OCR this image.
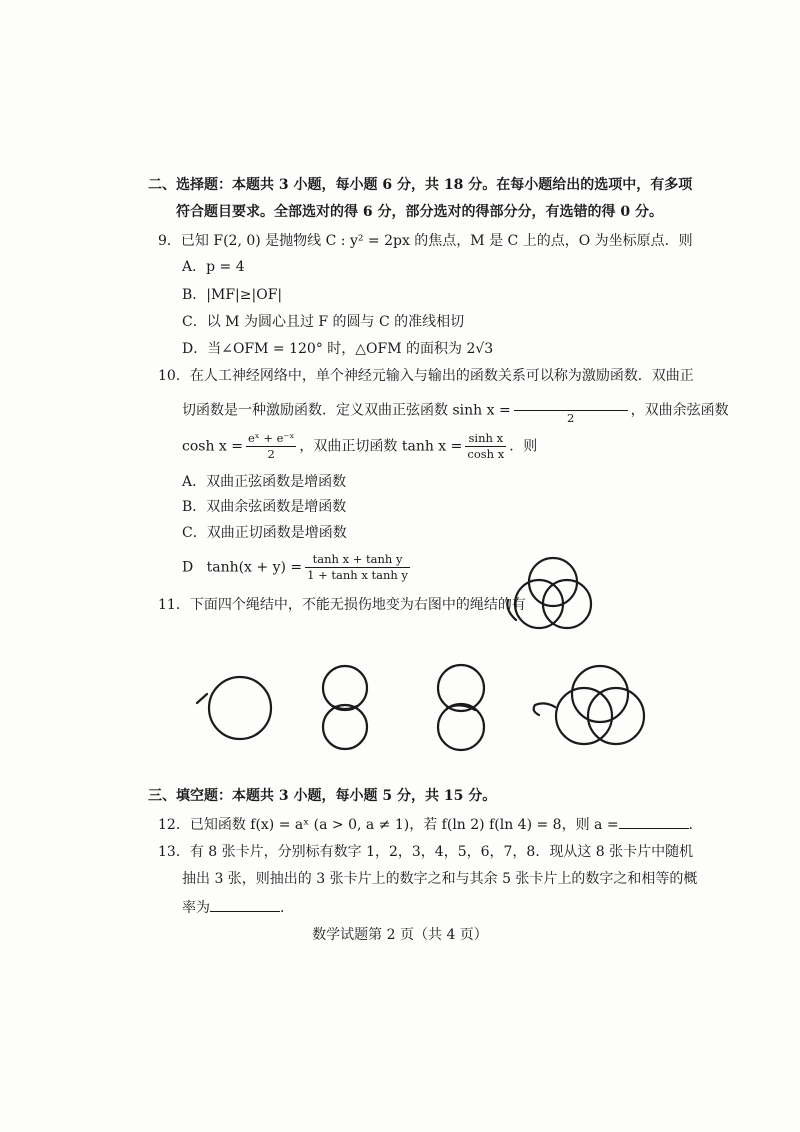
二、选择题：本题共 3 小题，每小题 6 分，共 18 分。在每小题给出的选项中，有多项
符合题目要求。全部选对的得 6 分，部分选对的得部分分，有选错的得 0 分。
9．已知 F(2, 0) 是抛物线 C : y² = 2px 的焦点，M 是 C 上的点，O 为坐标原点．则
A．p = 4
B．|MF|≥|OF|
C．以 M 为圆心且过 F 的圆与 C 的准线相切
D．当∠OFM = 120° 时，△OFM 的面积为 2√3
10．在人工神经网络中，单个神经元输入与输出的函数关系可以称为激励函数．双曲正
切函数是一种激励函数．定义双曲正弦函数 sinh x =	2	，双曲余弦函数
$\cosh x = \frac{\text{eˣ + e⁻ˣ}}{2}$ ，双曲正切函数 $\tanh x = \frac{\text{sinh x}}{\text{cosh x}}$ ．则
A．双曲正弦函数是增函数
B．双曲余弦函数是增函数
C．双曲正切函数是增函数
D $\tanh(x + y) = \frac{\text{tanh x + tanh y}}{\text{1 + tanh x tanh y}}$
11．下面四个绳结中，不能无损伤地变为右图中的绳结的有
三、填空题：本题共 3 小题，每小题 5 分，共 15 分。
12．已知函数 f(x) = aˣ (a > 0, a ≠ 1)，若 f(ln 2) f(ln 4) = 8，则 a =	．
13．有 8 张卡片，分别标有数字 1，2，3，4，5，6，7，8．现从这 8 张卡片中随机
抽出 3 张，则抽出的 3 张卡片上的数字之和与其余 5 张卡片上的数字之和相等的概
率为	．
数学试题第 2 页（共 4 页）
